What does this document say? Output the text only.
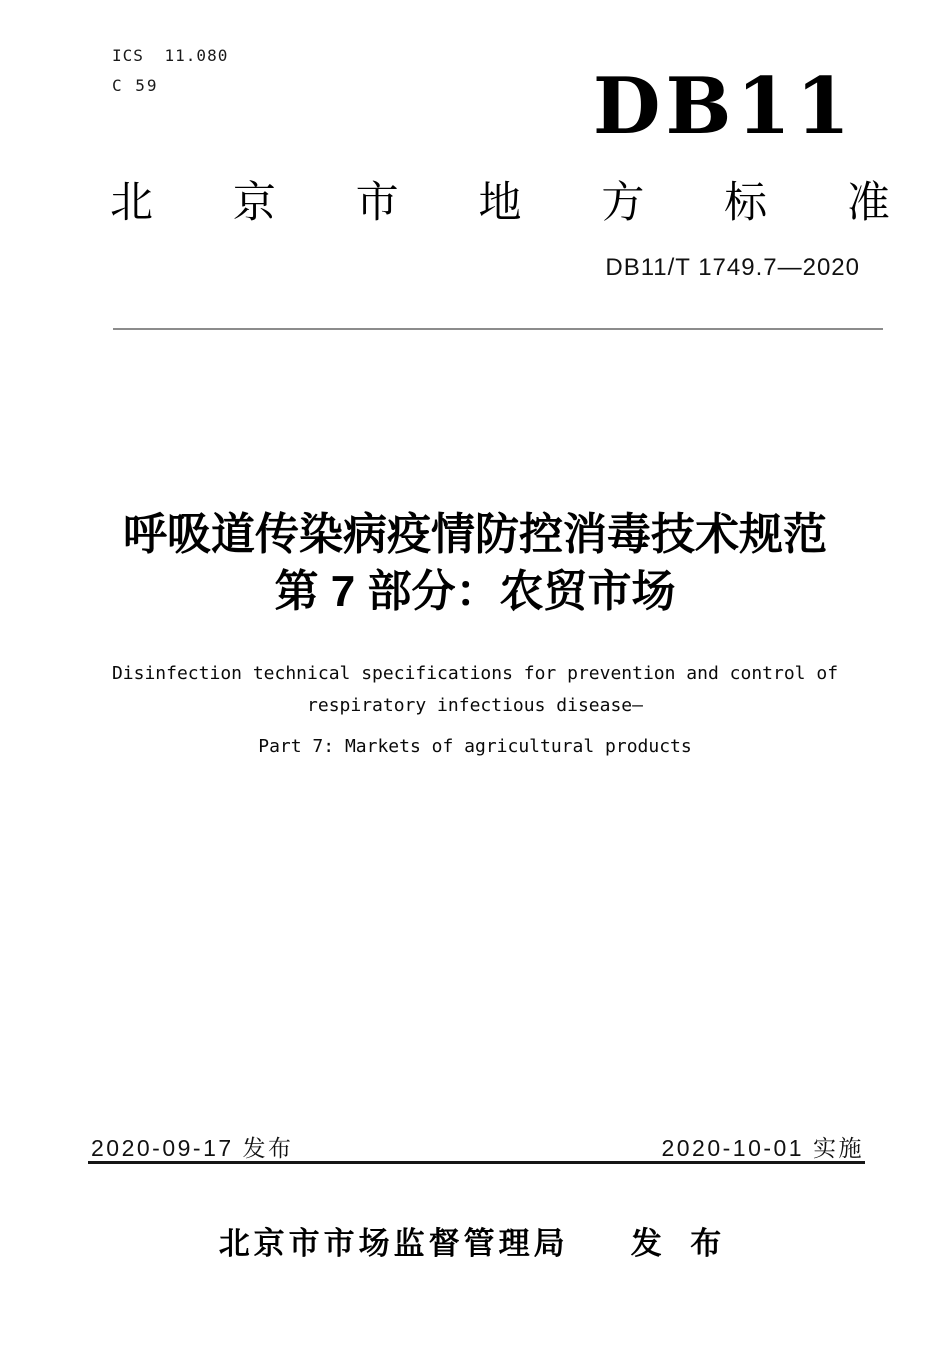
ICS 11.080
C 59	DB11
北 京 市 地 方 标 准
DB11/T 1749.7—2020
呼吸道传染病疫情防控消毒技术规范
第 7 部分：农贸市场
Disinfection technical specifications for prevention and control of
respiratory infectious disease—
Part 7: Markets of agricultural products
2020-09-17 发布	2020-10-01 实施
北京市市场监督管理局 发 布
